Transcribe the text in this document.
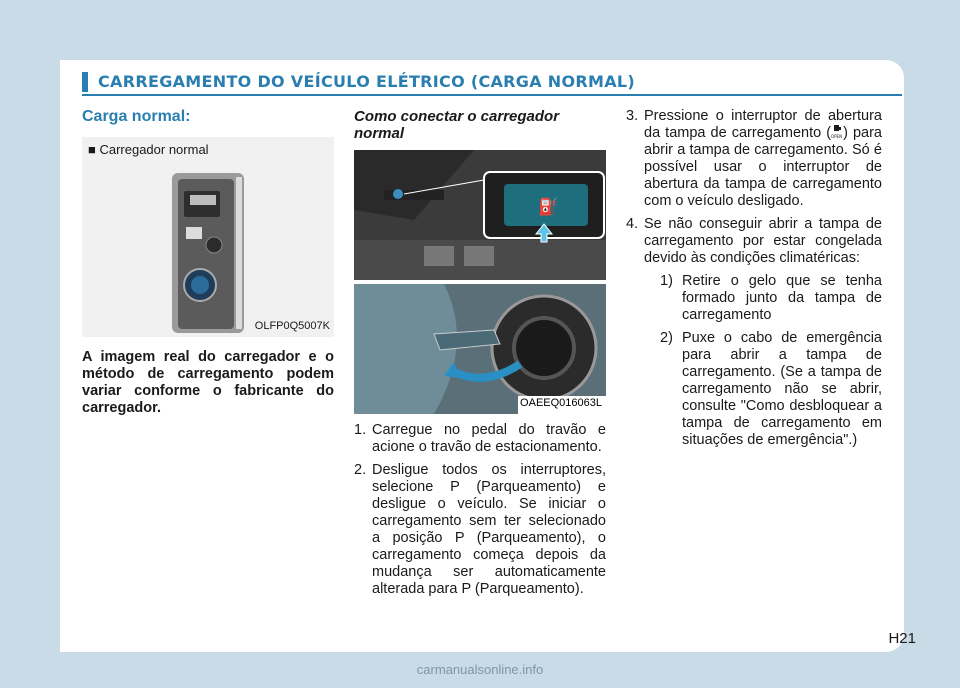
CARREGAMENTO DO VEÍCULO ELÉTRICO (CARGA NORMAL)
Carga normal:
■ Carregador normal
OLFP0Q5007K
A imagem real do carregador e o método de carregamento podem variar conforme o fabricante do carregador.
Como conectar o carregador normal
⛽
OAEEQ016063L
1. Carregue no pedal do travão e acione o travão de estacionamento.
2. Desligue todos os interruptores, selecione P (Parqueamento) e desligue o veículo. Se iniciar o carregamento sem ter selecionado a posição P (Parqueamento), o carregamento começa depois da mudança ser automaticamente alterada para P (Parqueamento).
3. Pressione o interruptor de abertura da tampa de carregamento ( OPEN ) para abrir a tampa de carregamento. Só é possível usar o interruptor de abertura da tampa de carregamento com o veículo desligado.
4. Se não conseguir abrir a tampa de carregamento por estar congelada devido às condições climatéricas:
1) Retire o gelo que se tenha formado junto da tampa de carregamento
2) Puxe o cabo de emergência para abrir a tampa de carregamento. (Se a tampa de carregamento não se abrir, consulte "Como desbloquear a tampa de carregamento em situações de emergência".)
H21
carmanualsonline.info
